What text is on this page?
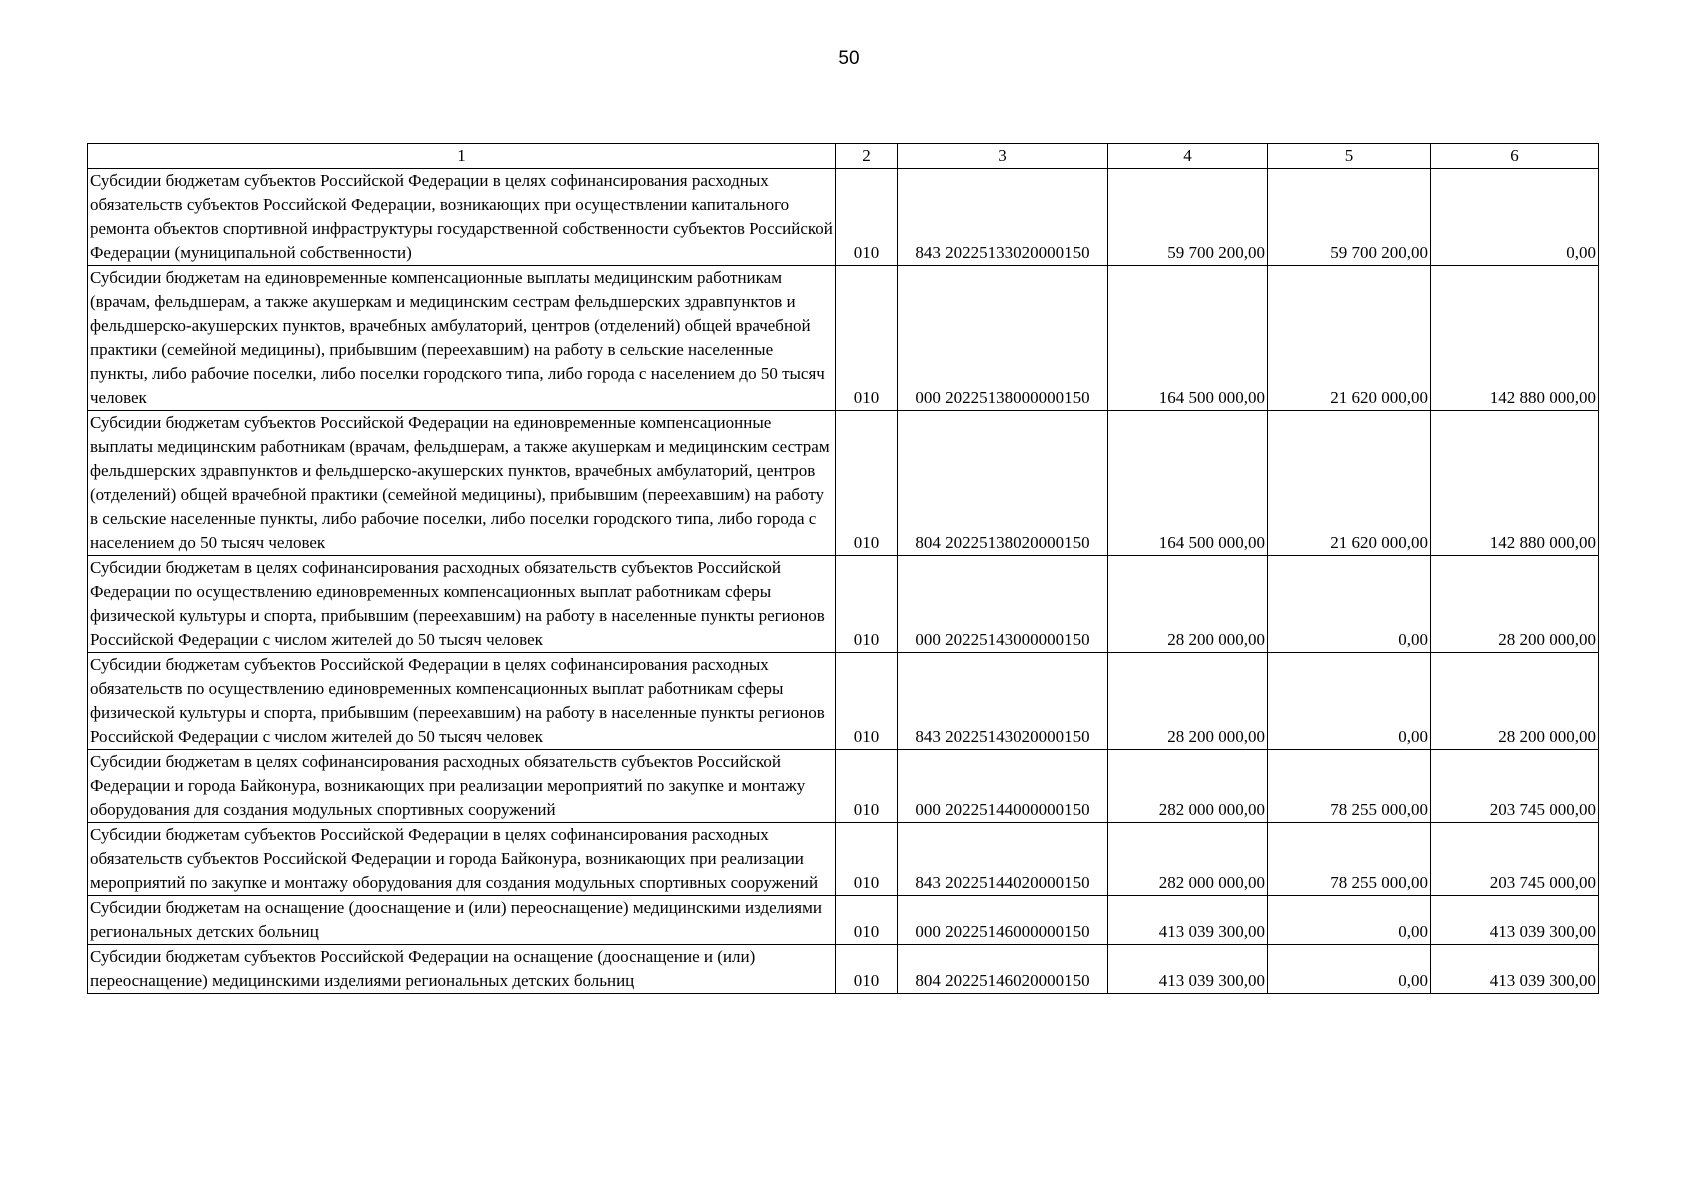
50
1	2	3	4	5	6
Субсидии бюджетам субъектов Российской Федерации в целях софинансирования расходных обязательств субъектов Российской Федерации, возникающих при осуществлении капитального ремонта объектов спортивной инфраструктуры государственной собственности субъектов Российской Федерации (муниципальной собственности)	010	843 20225133020000150	59 700 200,00	59 700 200,00	0,00
Субсидии бюджетам на единовременные компенсационные выплаты медицинским работникам (врачам, фельдшерам, а также акушеркам и медицинским сестрам фельдшерских здравпунктов и фельдшерско-акушерских пунктов, врачебных амбулаторий, центров (отделений) общей врачебной практики (семейной медицины), прибывшим (переехавшим) на работу в сельские населенные пункты, либо рабочие поселки, либо поселки городского типа, либо города с населением до 50 тысяч человек	010	000 20225138000000150	164 500 000,00	21 620 000,00	142 880 000,00
Субсидии бюджетам субъектов Российской Федерации на единовременные компенсационные выплаты медицинским работникам (врачам, фельдшерам, а также акушеркам и медицинским сестрам фельдшерских здравпунктов и фельдшерско-акушерских пунктов, врачебных амбулаторий, центров (отделений) общей врачебной практики (семейной медицины), прибывшим (переехавшим) на работу в сельские населенные пункты, либо рабочие поселки, либо поселки городского типа, либо города с населением до 50 тысяч человек	010	804 20225138020000150	164 500 000,00	21 620 000,00	142 880 000,00
Субсидии бюджетам в целях софинансирования расходных обязательств субъектов Российской Федерации по осуществлению единовременных компенсационных выплат работникам сферы физической культуры и спорта, прибывшим (переехавшим) на работу в населенные пункты регионов Российской Федерации с числом жителей до 50 тысяч человек	010	000 20225143000000150	28 200 000,00	0,00	28 200 000,00
Субсидии бюджетам субъектов Российской Федерации в целях софинансирования расходных обязательств по осуществлению единовременных компенсационных выплат работникам сферы физической культуры и спорта, прибывшим (переехавшим) на работу в населенные пункты регионов Российской Федерации с числом жителей до 50 тысяч человек	010	843 20225143020000150	28 200 000,00	0,00	28 200 000,00
Субсидии бюджетам в целях софинансирования расходных обязательств субъектов Российской Федерации и города Байконура, возникающих при реализации мероприятий по закупке и монтажу оборудования для создания модульных спортивных сооружений	010	000 20225144000000150	282 000 000,00	78 255 000,00	203 745 000,00
Субсидии бюджетам субъектов Российской Федерации в целях софинансирования расходных обязательств субъектов Российской Федерации и города Байконура, возникающих при реализации мероприятий по закупке и монтажу оборудования для создания модульных спортивных сооружений	010	843 20225144020000150	282 000 000,00	78 255 000,00	203 745 000,00
Субсидии бюджетам на оснащение (дооснащение и (или) переоснащение) медицинскими изделиями региональных детских больниц	010	000 20225146000000150	413 039 300,00	0,00	413 039 300,00
Субсидии бюджетам субъектов Российской Федерации на оснащение (дооснащение и (или) переоснащение) медицинскими изделиями региональных детских больниц	010	804 20225146020000150	413 039 300,00	0,00	413 039 300,00
